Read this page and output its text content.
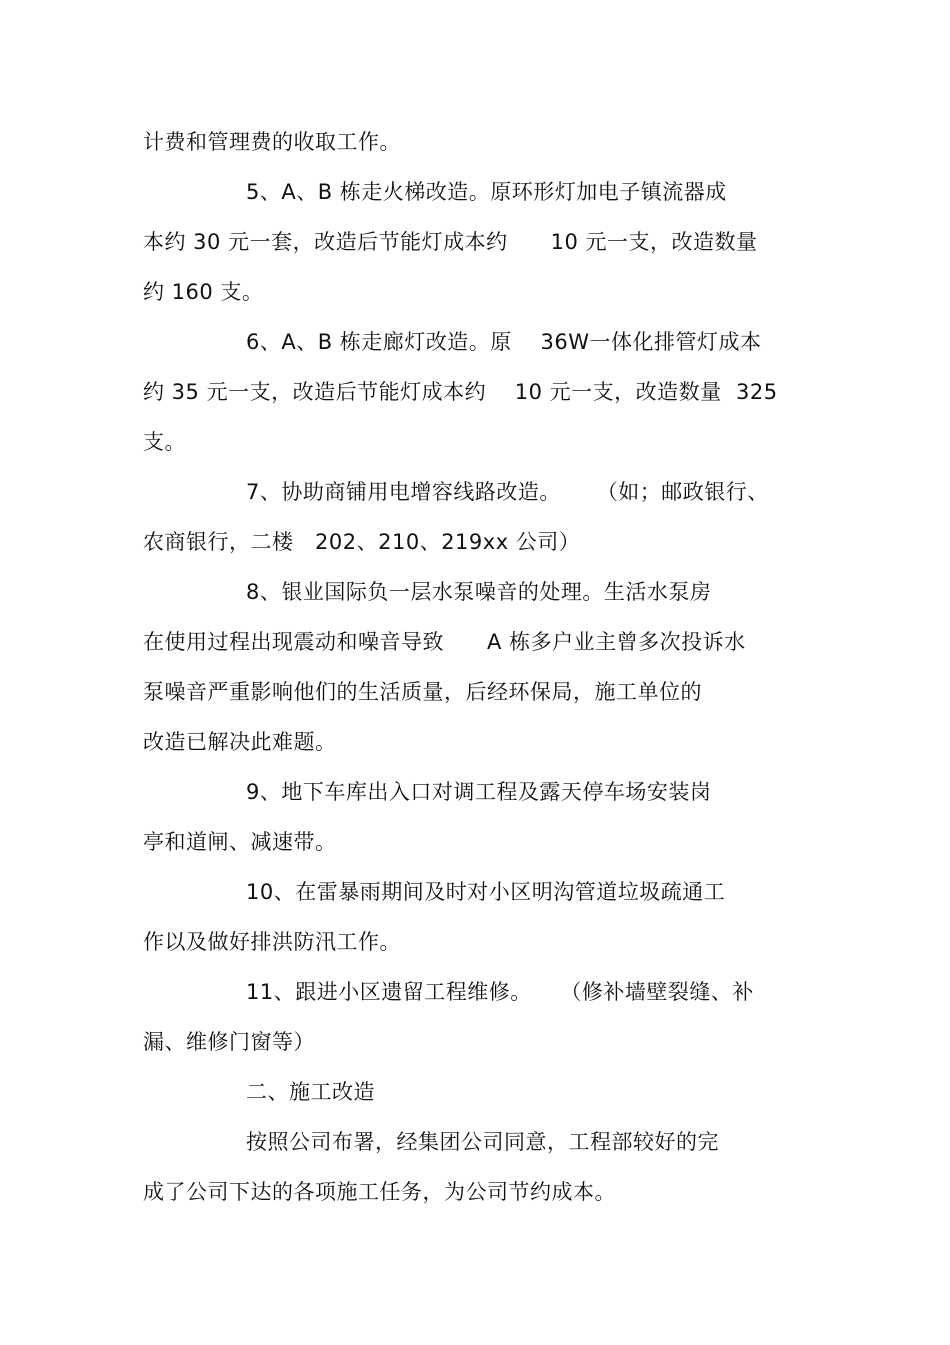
计费和管理费的收取工作。
5、A、B 栋走火梯改造。原环形灯加电子镇流器成
本约 30 元一套，改造后节能灯成本约      10 元一支，改造数量
约 160 支。
6、A、B 栋走廊灯改造。原    36W一体化排管灯成本
约 35 元一支，改造后节能灯成本约    10 元一支，改造数量  325
支。
7、协助商铺用电增容线路改造。     （如；邮政银行、
农商银行，二楼   202、210、219xx 公司）
8、银业国际负一层水泵噪音的处理。生活水泵房
在使用过程出现震动和噪音导致      A 栋多户业主曾多次投诉水
泵噪音严重影响他们的生活质量，后经环保局，施工单位的
改造已解决此难题。
9、地下车库出入口对调工程及露天停车场安装岗
亭和道闸、减速带。
10、在雷暴雨期间及时对小区明沟管道垃圾疏通工
作以及做好排洪防汛工作。
11、跟进小区遗留工程维修。    （修补墙壁裂缝、补
漏、维修门窗等）
二、施工改造
按照公司布署，经集团公司同意，工程部较好的完
成了公司下达的各项施工任务，为公司节约成本。
